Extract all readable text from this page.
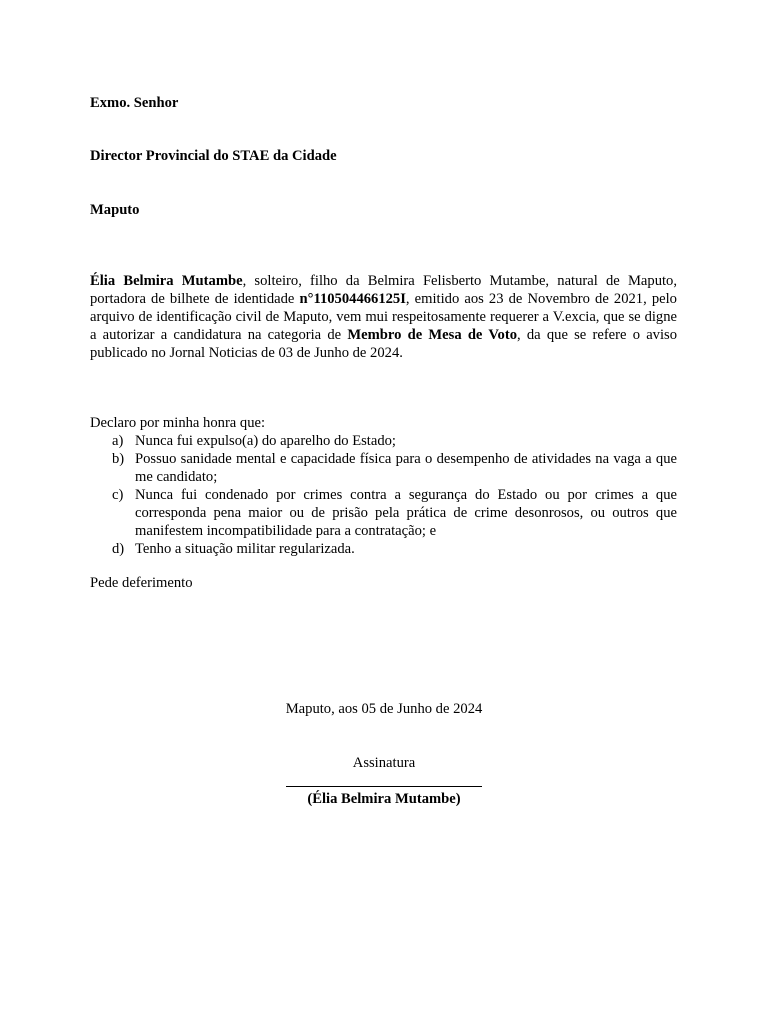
Exmo. Senhor
Director Provincial do STAE da Cidade
Maputo
Élia Belmira Mutambe, solteiro, filho da Belmira Felisberto Mutambe, natural de Maputo, portadora de bilhete de identidade n°110504466125I, emitido aos 23 de Novembro de 2021, pelo arquivo de identificação civil de Maputo, vem mui respeitosamente requerer a V.excia, que se digne a autorizar a candidatura na categoria de Membro de Mesa de Voto, da que se refere o aviso publicado no Jornal Noticias de 03 de Junho de 2024.
Declaro por minha honra que:
a) Nunca fui expulso(a) do aparelho do Estado;
b) Possuo sanidade mental e capacidade física para o desempenho de atividades na vaga a que me candidato;
c) Nunca fui condenado por crimes contra a segurança do Estado ou por crimes a que corresponda pena maior ou de prisão pela prática de crime desonrosos, ou outros que manifestem incompatibilidade para a contratação; e
d) Tenho a situação militar regularizada.
Pede deferimento
Maputo, aos 05 de Junho de 2024
Assinatura
(Élia Belmira Mutambe)
